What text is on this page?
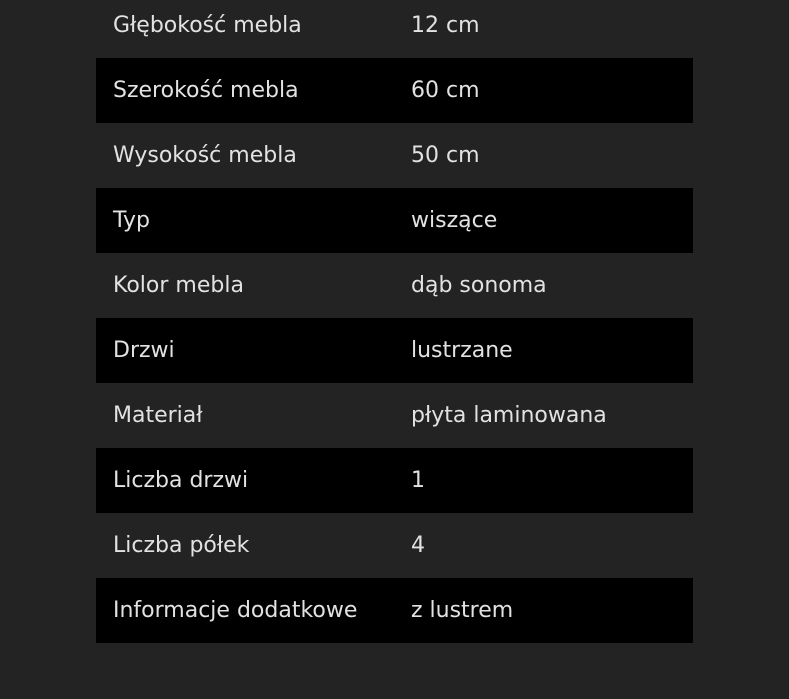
Głębokość mebla	12 cm
Szerokość mebla	60 cm
Wysokość mebla	50 cm
Typ	wiszące
Kolor mebla	dąb sonoma
Drzwi	lustrzane
Materiał	płyta laminowana
Liczba drzwi	1
Liczba półek	4
Informacje dodatkowe	z lustrem
